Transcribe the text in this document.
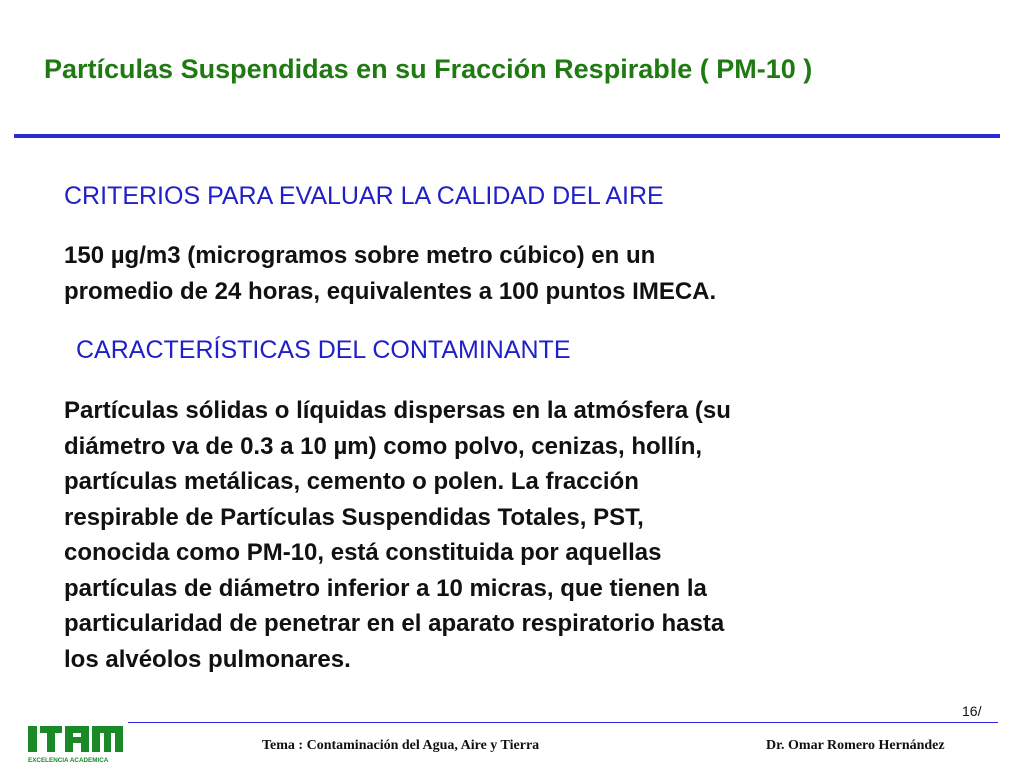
Partículas Suspendidas en su Fracción Respirable ( PM-10 )
CRITERIOS PARA EVALUAR LA CALIDAD DEL AIRE

150 µg/m3 (microgramos sobre metro cúbico) en un
promedio de 24 horas, equivalentes a 100 puntos IMECA.

CARACTERÍSTICAS DEL CONTAMINANTE

Partículas sólidas o líquidas dispersas en la atmósfera (su
diámetro va de 0.3 a 10 µm) como polvo, cenizas, hollín,
partículas metálicas, cemento o polen. La fracción
respirable de Partículas Suspendidas Totales, PST,
conocida como PM-10, está constituida por aquellas
partículas de diámetro inferior a 10 micras, que tienen la
particularidad de penetrar en el aparato respiratorio hasta
los alvéolos pulmonares.

16/
EXCELENCIA ACADEMICA
Tema : Contaminación del Agua, Aire y Tierra	Dr. Omar Romero Hernández
